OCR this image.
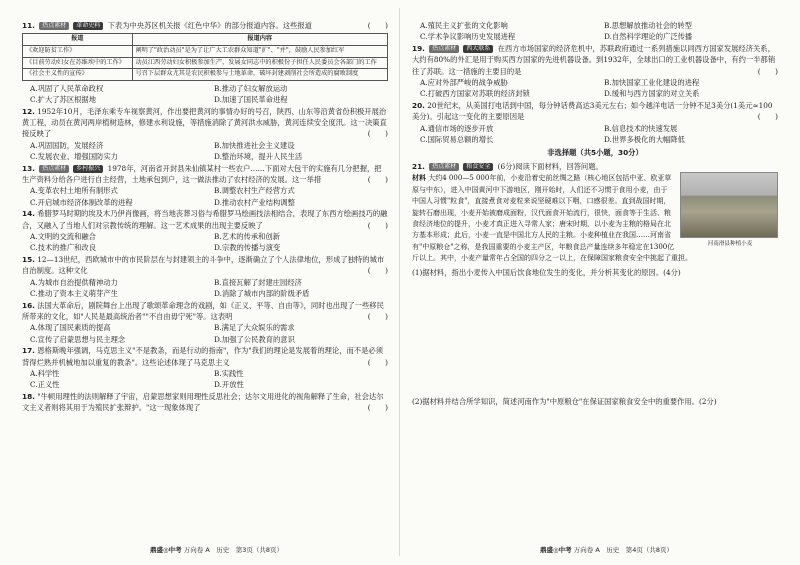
11. 热点素材 革命史料 下表为中央苏区机关报《红色中华》的部分报道内容。这些报道	(　　)
报道	报道内容
《欢迎防贫工作》	阐明了"政治动员"是为了让广大工农群众知道"扩"、"并"，鼓励人民参加红军
《目前劳动妇女在苏维埃中的工作》	动员江西劳动妇女积极参加生产，发展女同志中的积极份子担任人民委员会各部门的工作
《社会主义性的宣传》	号召下层群众尤其是农民积极参与土地革命，破坏封建剥削社会所造成的腐败制度
A.巩固了人民革命政权	B.推动了妇女解放运动
C.扩大了苏区根据地	D.加速了国民革命进程
12. 1952年10月，毛泽东乘专车视察黄河，作出要把黄河的事情办好的号召，陕西、山东等沿黄省份积极开展治黄工程，动员在黄河两岸植树造林，修建水利设施，等措施消除了黄河洪水威胁，黄河连续安全度汛。这一决策直接反映了	(　　)
A.巩固国防，发展经济	B.加快推进社会主义建设
C.发展农业、增强国防实力	D.整治环境，提升人民生活
13. 热点素材 乡村振兴 1978年，河南省开封县朱仙镇某村一些农户……下面对大包干的实施有几分把握，把生产资料分给各户进行自主经营，土地承包到户，这一做法推动了农村经济的发展。这一举措	(　　)
A.变革农村土地所有制形式	B.调整农村生产经营方式
C.开启城市经济体制改革的进程	D.推动农村产业结构调整
14. 希腊罗马时期的埃及木乃伊肖像画，将当地丧葬习俗与希腊罗马绘画技法相结合，表现了东西方绘画技巧的融合，又融入了当地人们对宗教传统的理解。这一艺术成果的出现主要反映了	(　　)
A.文明的交流和融合	B.艺术的传承和创新
C.技术的推广和改良	D.宗教的传播与演变
15. 12—13世纪，西欧城市中的市民阶层在与封建领主的斗争中，逐渐确立了个人法律地位，形成了独特的城市自治制度。这种文化	(　　)
A.为城市自治提供精神动力	B.直接瓦解了封建庄园经济
C.推动了资本主义萌芽产生	D.消除了城市内部的阶级矛盾
16. 法国大革命后，剧院舞台上出现了歌颂革命理念的戏剧，如《正义、平等、自由等》，同时也出现了一些移民所带来的文化，如"人民是最高统治者""不自由毋宁死"等。这表明	(　　)
A.体现了国民素质的提高	B.满足了大众娱乐的需求
C.宣传了启蒙思想与民主理念	D.加强了公民教育的意识
17. 恩格斯晚年强调，马克思主义"不是教条，而是行动的指南"，作为"我们的理论是发展着的理论，而不是必须背得烂熟并机械地加以重复的教条"。这些论述体现了马克思主义	(　　)
A.科学性	B.实践性
C.正义性	D.开放性
18. "牛顿用理性的法则解释了宇宙，启蒙思想家则用理性反思社会；达尔文用进化的视角解释了生命，社会达尔文主义者则将其用于为殖民扩张辩护。"这一现象体现了	(　　)
鼎盛◎中考 万向卷 A　历史　第3页（共8页）
A.殖民主义扩张的文化影响	B.思想解放推动社会的转型
C.学术争议影响历史发展进程	D.自然科学理论的广泛传播
19. 热点素材 西大联系 在西方市场国家的经济危机中，苏联政府通过一系列措施以同西方国家发展经济关系，大约有80%的外汇是用于购买西方国家的先进机器设备。到1932年，全球出口的工业机器设备中，有约一半都销往了苏联。这一措施的主要目的是	(　　)
A.应对外部严峻的战争威胁	B.加快国家工业化建设的进程
C.打破西方国家对苏联的经济封锁	D.缓和与西方国家的对立关系
20. 20世纪末，从美国打电话到中国，每分钟话费高达3美元左右；如今越洋电话一分钟不足3美分(1美元≈100美分)。引起这一变化的主要原因是	(　　)
A.通信市场的逐步开放	B.信息技术的快速发展
C.国际贸易总额的增长	D.世界多极化的大幅降低
非选择题（共5小题，30分）
21. 热点素材 粮食安全 (6分)阅读下面材料，回答问题。
河南滑县种植小麦
材料 大约4 000—5 000年前，小麦沿着史前丝绸之路（核心地区包括中亚、欧亚草原与中东），进入中国黄河中下游地区，刚开始时，人们还不习惯于食用小麦，由于中国人习惯"粒食"，直接煮食对麦粒来说坚硬难以下咽，口感很差。直到战国时期，旋转石磨出现，小麦开始被磨成面粉，汉代面食开始流行，很快，面食等于生活、粮食经济地位的提升，小麦才真正进入寻常人家；唐宋时期，以小麦为主粮的格局在北方基本形成；此后，小麦一直是中国北方人民的主粮。小麦种植业在我国……河南省有"中原粮仓"之称，是我国重要的小麦主产区，年粮食总产量连续多年稳定在1300亿斤以上。其中，小麦产量常年占全国的四分之一以上，在保障国家粮食安全中挑起了重担。
(1)据材料，指出小麦传入中国后饮食地位发生的变化，并分析其变化的原因。(4分)
(2)据材料并结合所学知识，简述河南作为"中原粮仓"在保证国家粮食安全中的重要作用。(2分)
鼎盛◎中考 万向卷 A　历史　第4页（共8页）
